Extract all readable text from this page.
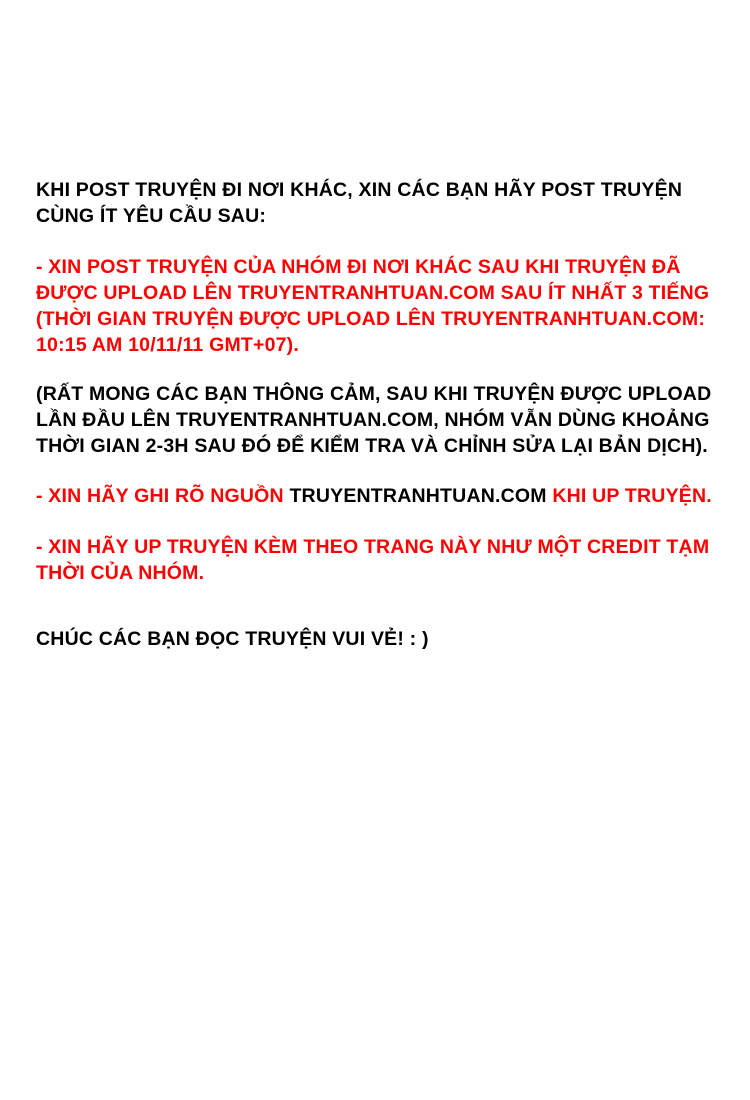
KHI POST TRUYỆN ĐI NƠI KHÁC, XIN CÁC BẠN HÃY POST TRUYỆN CÙNG ÍT YÊU CẦU SAU:

- XIN POST TRUYỆN CỦA NHÓM ĐI NƠI KHÁC SAU KHI TRUYỆN ĐÃ ĐƯỢC UPLOAD LÊN TRUYENTRANHTUAN.COM SAU ÍT NHẤT 3 TIẾNG (THỜI GIAN TRUYỆN ĐƯỢC UPLOAD LÊN TRUYENTRANHTUAN.COM: 10:15 AM 10/11/11 GMT+07).

(RẤT MONG CÁC BẠN THÔNG CẢM, SAU KHI TRUYỆN ĐƯỢC UPLOAD LẦN ĐẦU LÊN TRUYENTRANHTUAN.COM, NHÓM VẪN DÙNG KHOẢNG THỜI GIAN 2-3H SAU ĐÓ ĐỂ KIỂM TRA VÀ CHỈNH SỬA LẠI BẢN DỊCH).

- XIN HÃY GHI RÕ NGUỒN TRUYENTRANHTUAN.COM KHI UP TRUYỆN.

- XIN HÃY UP TRUYỆN KÈM THEO TRANG NÀY NHƯ MỘT CREDIT TẠM THỜI CỦA NHÓM.

CHÚC CÁC BẠN ĐỌC TRUYỆN VUI VẺ! : )
